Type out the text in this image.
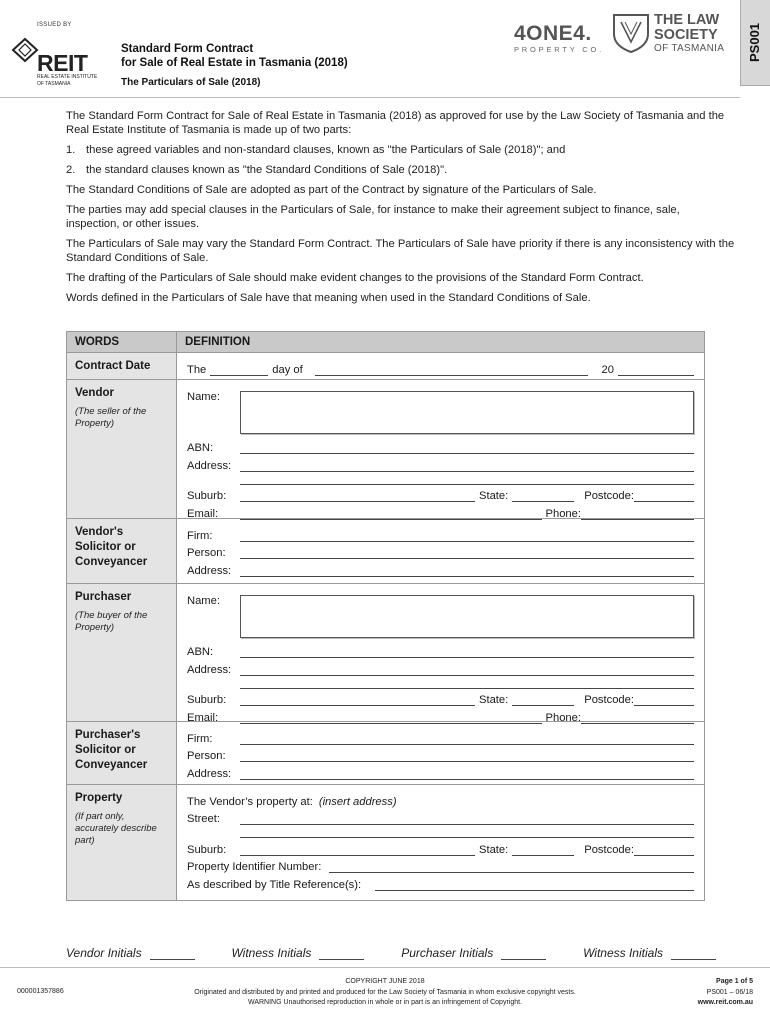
ISSUED BY
REIT
REAL ESTATE INSTITUTE
OF TASMANIA
Standard Form Contract
for Sale of Real Estate in Tasmania (2018)
The Particulars of Sale (2018)
4ONE4.
PROPERTY CO.
THE LAW
SOCIETY
OF TASMANIA PS001

The Standard Form Contract for Sale of Real Estate in Tasmania (2018) as approved for use by the Law Society of Tasmania and the Real Estate Institute of Tasmania is made up of two parts:

1. these agreed variables and non-standard clauses, known as "the Particulars of Sale (2018)"; and
2. the standard clauses known as "the Standard Conditions of Sale (2018)".

The Standard Conditions of Sale are adopted as part of the Contract by signature of the Particulars of Sale.

The parties may add special clauses in the Particulars of Sale, for instance to make their agreement subject to finance, sale, inspection, or other issues.

The Particulars of Sale may vary the Standard Form Contract. The Particulars of Sale have priority if there is any inconsistency with the Standard Conditions of Sale.

The drafting of the Particulars of Sale should make evident changes to the provisions of the Standard Form Contract.

Words defined in the Particulars of Sale have that meaning when used in the Standard Conditions of Sale.

WORDS	DEFINITION
Contract Date	The	day of	20
Vendor
(The seller of the Property)
Name:
ABN:
Address:
Suburb:	State:	Postcode:
Email:	Phone:
Vendor's Solicitor or Conveyancer
Firm:
Person:
Address:
Purchaser
(The buyer of the Property)
Name:
ABN:
Address:
Suburb:	State:	Postcode:
Email:	Phone:
Purchaser's Solicitor or Conveyancer
Firm:
Person:
Address:
Property
(If part only, accurately describe part)
The Vendor’s property at: (insert address)
Street:
Suburb:	State:	Postcode:
Property Identifier Number:
As described by Title Reference(s):
Vendor Initials	Witness Initials	Purchaser Initials	Witness Initials
000001357886
COPYRIGHT JUNE 2018
Originated and distributed by and printed and produced for the Law Society of Tasmania in whom exclusive copyright vests.
WARNING Unauthorised reproduction in whole or in part is an infringement of Copyright.
Page 1 of 5
PS001 – 06/18
www.reit.com.au
